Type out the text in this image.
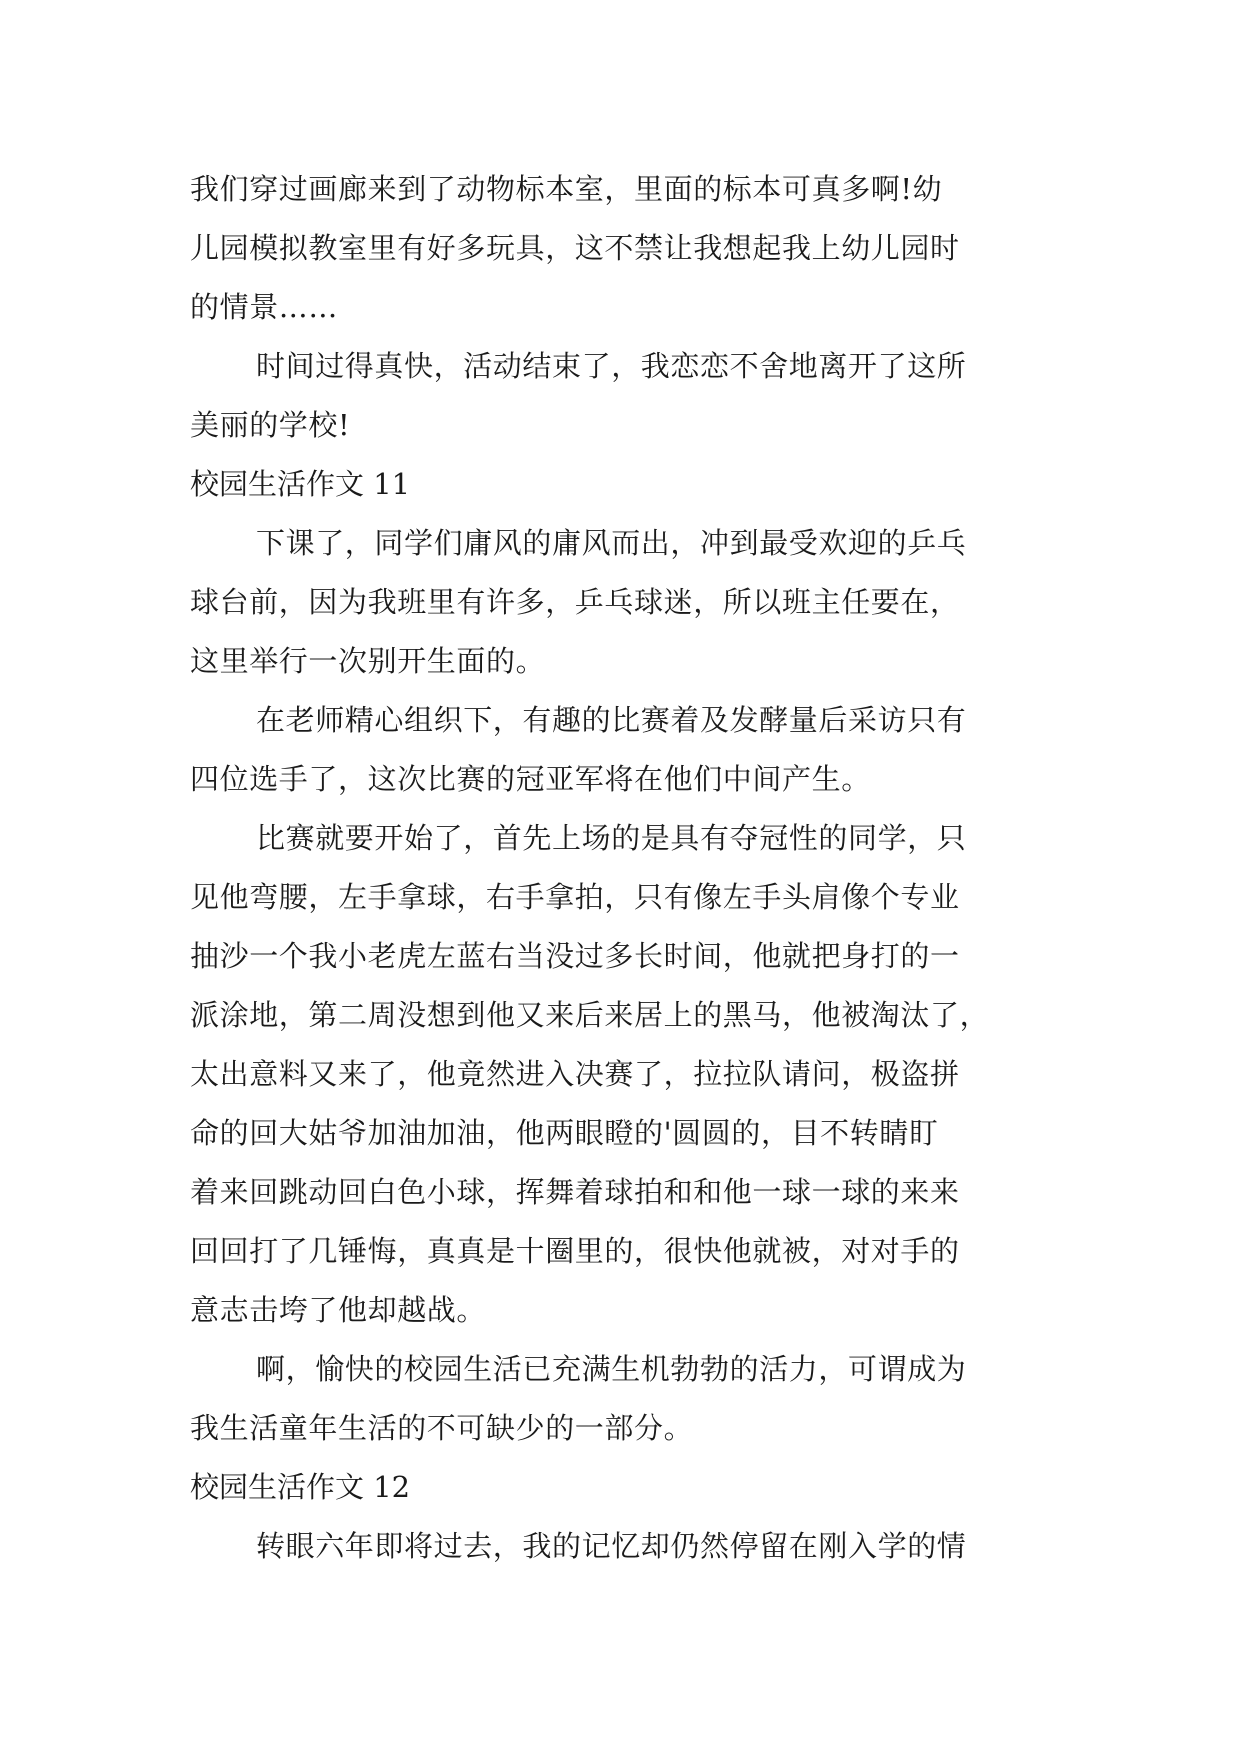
我们穿过画廊来到了动物标本室，里面的标本可真多啊!幼
儿园模拟教室里有好多玩具，这不禁让我想起我上幼儿园时
的情景……
时间过得真快，活动结束了，我恋恋不舍地离开了这所
美丽的学校!
校园生活作文 11
下课了，同学们庸风的庸风而出，冲到最受欢迎的乒乓
球台前，因为我班里有许多，乒乓球迷，所以班主任要在，
这里举行一次别开生面的。
在老师精心组织下，有趣的比赛着及发酵量后采访只有
四位选手了，这次比赛的冠亚军将在他们中间产生。
比赛就要开始了，首先上场的是具有夺冠性的同学，只
见他弯腰，左手拿球，右手拿拍，只有像左手头肩像个专业
抽沙一个我小老虎左蓝右当没过多长时间，他就把身打的一
派涂地，第二周没想到他又来后来居上的黑马，他被淘汰了，
太出意料又来了，他竟然进入决赛了，拉拉队请问，极盗拼
命的回大姑爷加油加油，他两眼瞪的'圆圆的，目不转睛盯
着来回跳动回白色小球，挥舞着球拍和和他一球一球的来来
回回打了几锤悔，真真是十圈里的，很快他就被，对对手的
意志击垮了他却越战。
啊，愉快的校园生活已充满生机勃勃的活力，可谓成为
我生活童年生活的不可缺少的一部分。
校园生活作文 12
转眼六年即将过去，我的记忆却仍然停留在刚入学的情
